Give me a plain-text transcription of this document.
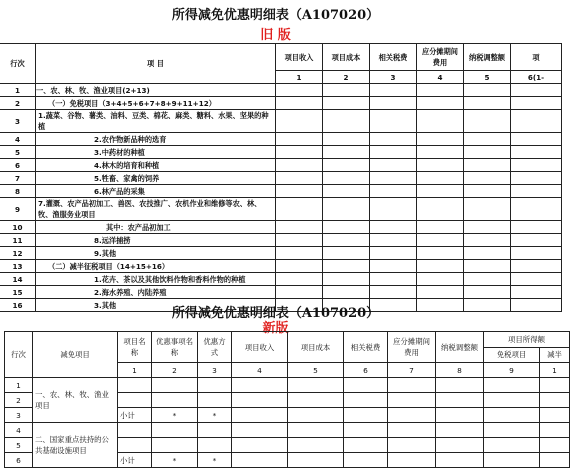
所得减免优惠明细表（A107020）
旧 版
行次	项 目	项目收入	项目成本	相关税费	应分摊期间费用	纳税调整额	项
		1	2	3	4	5	6(1-
1	一、农、林、牧、渔业项目(2+13)						
2	（一）免税项目（3+4+5+6+7+8+9+11+12）						
3	1.蔬菜、谷物、薯类、油料、豆类、棉花、麻类、糖料、水果、坚果的种植						
4	2.农作物新品种的选育						
5	3.中药材的种植						
6	4.林木的培育和种植						
7	5.牲畜、家禽的饲养						
8	6.林产品的采集						
9	7.灌溉、农产品初加工、兽医、农技推广、农机作业和维修等农、林、牧、渔服务业项目						
10	其中：农产品初加工						
11	8.远洋捕捞						
12	9.其他						
13	（二）减半征税项目（14+15+16）						
14	1.花卉、茶以及其他饮料作物和香料作物的种植						
15	2.海水养殖、内陆养殖						
16	3.其他						
所得减免优惠明细表（A107020）
新版
行次	减免项目	项目名称	优惠事项名称	优惠方式	项目收入	项目成本	相关税费	应分摊期间费用	纳税调整额	项目所得额	
										免税项目	减半
		1	2	3	4	5	6	7	8	9	1
1	一、农、林、牧、渔业项目										
2											
3		小计	*	*							
4	二、国家重点扶持的公共基础设施项目										
5											
6		小计	*	*							
